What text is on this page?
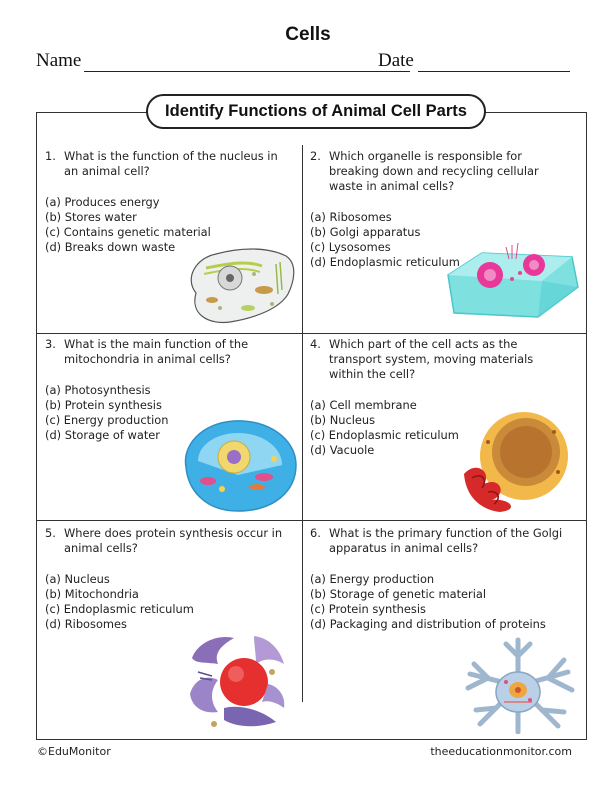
Cells
Name	Date
Identify Functions of Animal Cell Parts
1. What is the function of the nucleus in an animal cell?
(a) Produces energy
(b) Stores water
(c) Contains genetic material
(d) Breaks down waste
2. Which organelle is responsible for breaking down and recycling cellular waste in animal cells?
(a) Ribosomes
(b) Golgi apparatus
(c) Lysosomes
(d) Endoplasmic reticulum
3. What is the main function of the mitochondria in animal cells?
(a) Photosynthesis
(b) Protein synthesis
(c) Energy production
(d) Storage of water
4. Which part of the cell acts as the transport system, moving materials within the cell?
(a) Cell membrane
(b) Nucleus
(c) Endoplasmic reticulum
(d) Vacuole
5. Where does protein synthesis occur in animal cells?
(a) Nucleus
(b) Mitochondria
(c) Endoplasmic reticulum
(d) Ribosomes
6. What is the primary function of the Golgi apparatus in animal cells?
(a) Energy production
(b) Storage of genetic material
(c) Protein synthesis
(d) Packaging and distribution of proteins
©EduMonitor	theeducationmonitor.com
